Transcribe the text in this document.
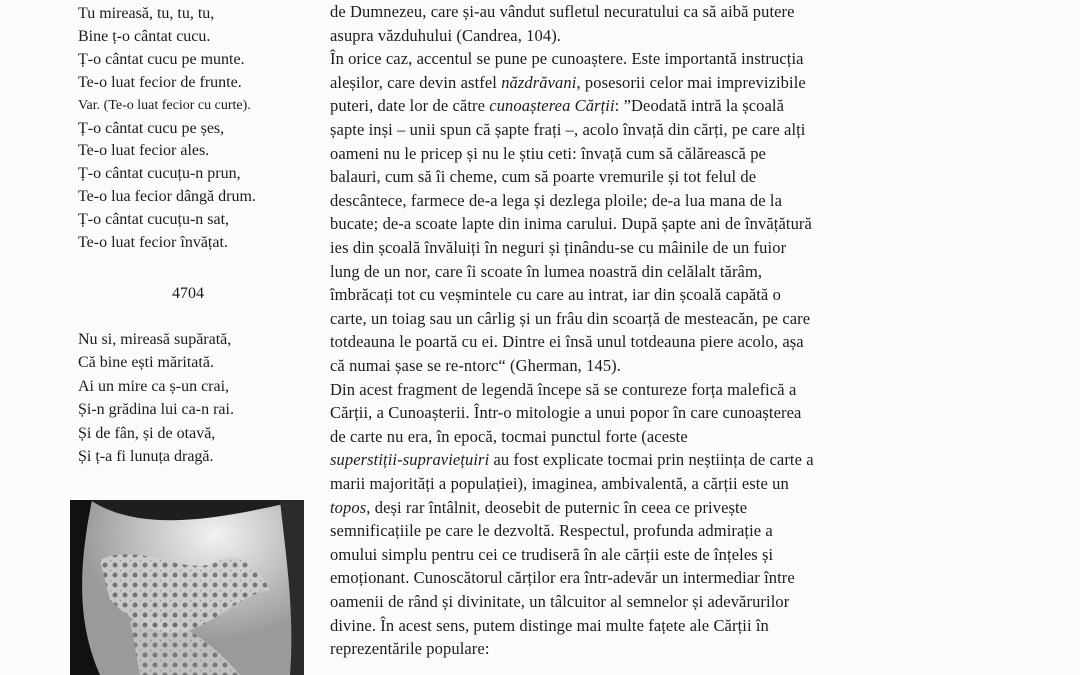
Tu mireasă, tu, tu, tu,
Bine ț-o cântat cucu.
Ț-o cântat cucu pe munte.
Te-o luat fecior de frunte.
Var. (Te-o luat fecior cu curte).
Ț-o cântat cucu pe șes,
Te-o luat fecior ales.
Ț-o cântat cucuțu-n prun,
Te-o lua fecior dângă drum.
Ț-o cântat cucuțu-n sat,
Te-o luat fecior învățat.
4704
Nu si, mireasă supărată,
Că bine ești măritată.
Ai un mire ca ș-un crai,
Și-n grădina lui ca-n rai.
Și de fân, și de otavă,
Și ț-a fi lunuța dragă.
de Dumnezeu, care și-au vândut sufletul necuratului ca să aibă putere
asupra văzduhului (Candrea, 104).
În orice caz, accentul se pune pe cunoaștere. Este importantă instrucția
aleșilor, care devin astfel năzdrăvani, posesorii celor mai imprevizibile
puteri, date lor de către cunoașterea Cărții: ”Deodată intră la școală
șapte inși – unii spun că șapte frați –, acolo învață din cărți, pe care alți
oameni nu le pricep și nu le știu ceti: învață cum să călărească pe
balauri, cum să îi cheme, cum să poarte vremurile și tot felul de
descântece, farmece de-a lega și dezlega ploile; de-a lua mana de la
bucate; de-a scoate lapte din inima carului. După șapte ani de învățătură
ies din școală învăluiți în neguri și ținându-se cu mâinile de un fuior
lung de un nor, care îi scoate în lumea noastră din celălalt tărâm,
îmbrăcați tot cu veșmintele cu care au intrat, iar din școală capătă o
carte, un toiag sau un cârlig și un frâu din scoarță de mesteacăn, pe care
totdeauna le poartă cu ei. Dintre ei însă unul totdeauna piere acolo, așa
că numai șase se re-ntorc“ (Gherman, 145).
Din acest fragment de legendă începe să se contureze forța malefică a
Cărții, a Cunoașterii. Într-o mitologie a unui popor în care cunoașterea
de carte nu era, în epocă, tocmai punctul forte (aceste
superstiții-supraviețuiri au fost explicate tocmai prin neștiința de carte a
marii majorități a populației), imaginea, ambivalentă, a cărții este un
topos, deși rar întâlnit, deosebit de puternic în ceea ce privește
semnificațiile pe care le dezvoltă. Respectul, profunda admirație a
omului simplu pentru cei ce trudiseră în ale cărții este de înțeles și
emoționant. Cunoscătorul cărților era într-adevăr un intermediar între
oamenii de rând și divinitate, un tâlcuitor al semnelor și adevărurilor
divine. În acest sens, putem distinge mai multe fațete ale Cărții în
reprezentările populare:
